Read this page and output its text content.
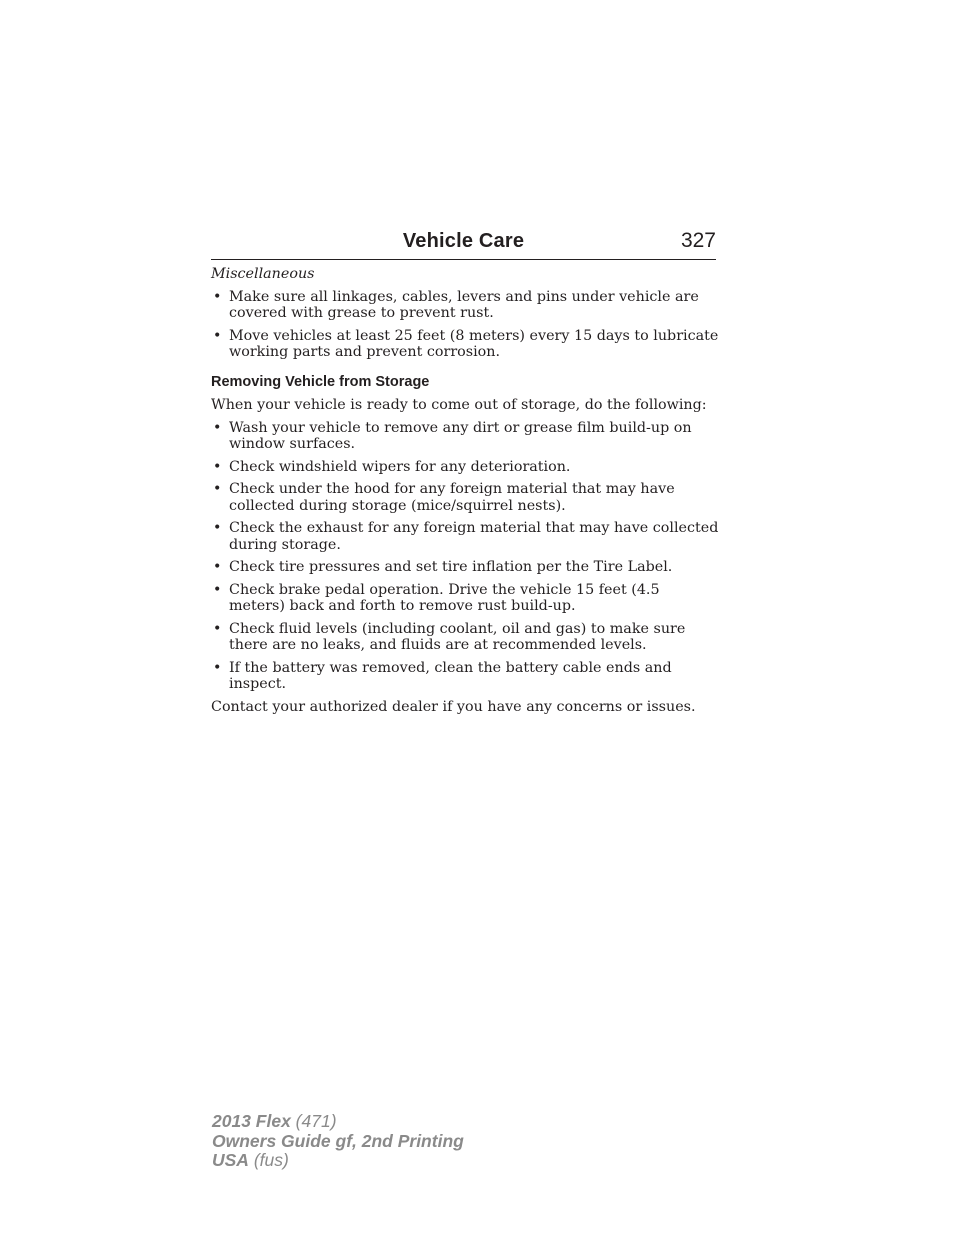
Vehicle Care	327

Miscellaneous

• Make sure all linkages, cables, levers and pins under vehicle are covered with grease to prevent rust.
• Move vehicles at least 25 feet (8 meters) every 15 days to lubricate working parts and prevent corrosion.
Removing Vehicle from Storage

When your vehicle is ready to come out of storage, do the following:

• Wash your vehicle to remove any dirt or grease film build-up on window surfaces.
• Check windshield wipers for any deterioration.
• Check under the hood for any foreign material that may have collected during storage (mice/squirrel nests).
• Check the exhaust for any foreign material that may have collected during storage.
• Check tire pressures and set tire inflation per the Tire Label.
• Check brake pedal operation. Drive the vehicle 15 feet (4.5 meters) back and forth to remove rust build-up.
• Check fluid levels (including coolant, oil and gas) to make sure there are no leaks, and fluids are at recommended levels.
• If the battery was removed, clean the battery cable ends and inspect.

Contact your authorized dealer if you have any concerns or issues.

2013 Flex (471)
Owners Guide gf, 2nd Printing
USA (fus)
